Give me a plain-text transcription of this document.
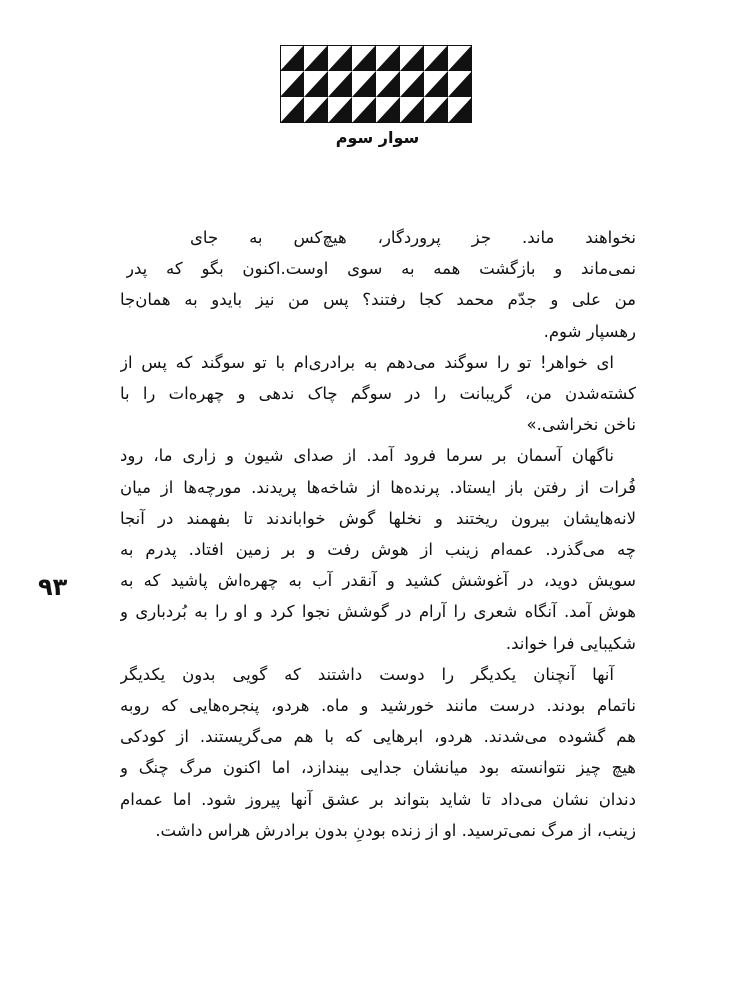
سوار سوم
۹۳
نخواهند ماند. جز پروردگار، هیچ‌کس به جای
نمی‌ماند و بازگشت همه به سوی اوست.اکنون بگو که پدر
من علی و جدّم محمد کجا رفتند؟ پس من نیز بایدو به همان‌جا
رهسپار شوم.
ای خواهر! تو را سوگند می‌دهم به برادری‌ام با تو سوگند که پس از
کشته‌شدن من، گریبانت را در سوگم چاک ندهی و چهره‌ات را با
ناخن نخراشی.»
ناگهان آسمان بر سرما فرود آمد. از صدای شیون و زاری ما، رود
فُرات از رفتن باز ایستاد. پرنده‌ها از شاخه‌ها پریدند. مورچه‌ها از میان
لانه‌هایشان بیرون ریختند و نخلها گوش خواباندند تا بفهمند در آنجا
چه می‌گذرد. عمه‌ام زینب از هوش رفت و بر زمین افتاد. پدرم به
سویش دوید، در آغوشش کشید و آنقدر آب به چهره‌اش پاشید که به
هوش آمد. آنگاه شعری را آرام در گوشش نجوا کرد و او را به بُردباری و
شکیبایی فرا خواند.
آنها آنچنان یکدیگر را دوست داشتند که گویی بدون یکدیگر
ناتمام بودند. درست مانند خورشید و ماه. هردو، پنجره‌هایی که روبه
هم گشوده می‌شدند. هردو، ابرهایی که با هم می‌گریستند. از کودکی
هیچ چیز نتوانسته بود میانشان جدایی بیندازد، اما اکنون مرگ چنگ و
دندان نشان می‌داد تا شاید بتواند بر عشق آنها پیروز شود. اما عمه‌ام
زینب، از مرگ نمی‌ترسید. او از زنده بودنِ بدون برادرش هراس داشت.
